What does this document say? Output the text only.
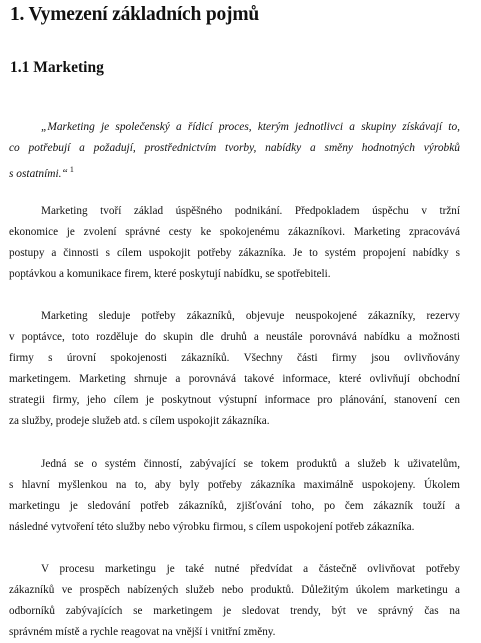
1. Vymezení základních pojmů
1.1 Marketing
„Marketing je společenský a řídicí proces, kterým jednotlivci a skupiny získávají to,
co potřebují a požadují, prostřednictvím tvorby, nabídky a směny hodnotných výrobků
s ostatními.“ $^1$
Marketing tvoří základ úspěšného podnikání. Předpokladem úspěchu v tržní
ekonomice je zvolení správné cesty ke spokojenému zákazníkovi. Marketing zpracovává
postupy a činnosti s cílem uspokojit potřeby zákazníka. Je to systém propojení nabídky s
poptávkou a komunikace firem, které poskytují nabídku, se spotřebiteli.
Marketing sleduje potřeby zákazníků, objevuje neuspokojené zákazníky, rezervy
v poptávce, toto rozděluje do skupin dle druhů a neustále porovnává nabídku a možnosti
firmy s úrovní spokojenosti zákazníků. Všechny části firmy jsou ovlivňovány
marketingem. Marketing shrnuje a porovnává takové informace, které ovlivňují obchodní
strategii firmy, jeho cílem je poskytnout výstupní informace pro plánování, stanovení cen
za služby, prodeje služeb atd. s cílem uspokojit zákazníka.
Jedná se o systém činností, zabývající se tokem produktů a služeb k uživatelům,
s hlavní myšlenkou na to, aby byly potřeby zákazníka maximálně uspokojeny. Úkolem
marketingu je sledování potřeb zákazníků, zjišťování toho, po čem zákazník touží a
následné vytvoření této služby nebo výrobku firmou, s cílem uspokojení potřeb zákazníka.
V procesu marketingu je také nutné předvídat a částečně ovlivňovat potřeby
zákazníků ve prospěch nabízených služeb nebo produktů. Důležitým úkolem marketingu a
odborníků zabývajících se marketingem je sledovat trendy, být ve správný čas na
správném místě a rychle reagovat na vnější i vnitřní změny.
